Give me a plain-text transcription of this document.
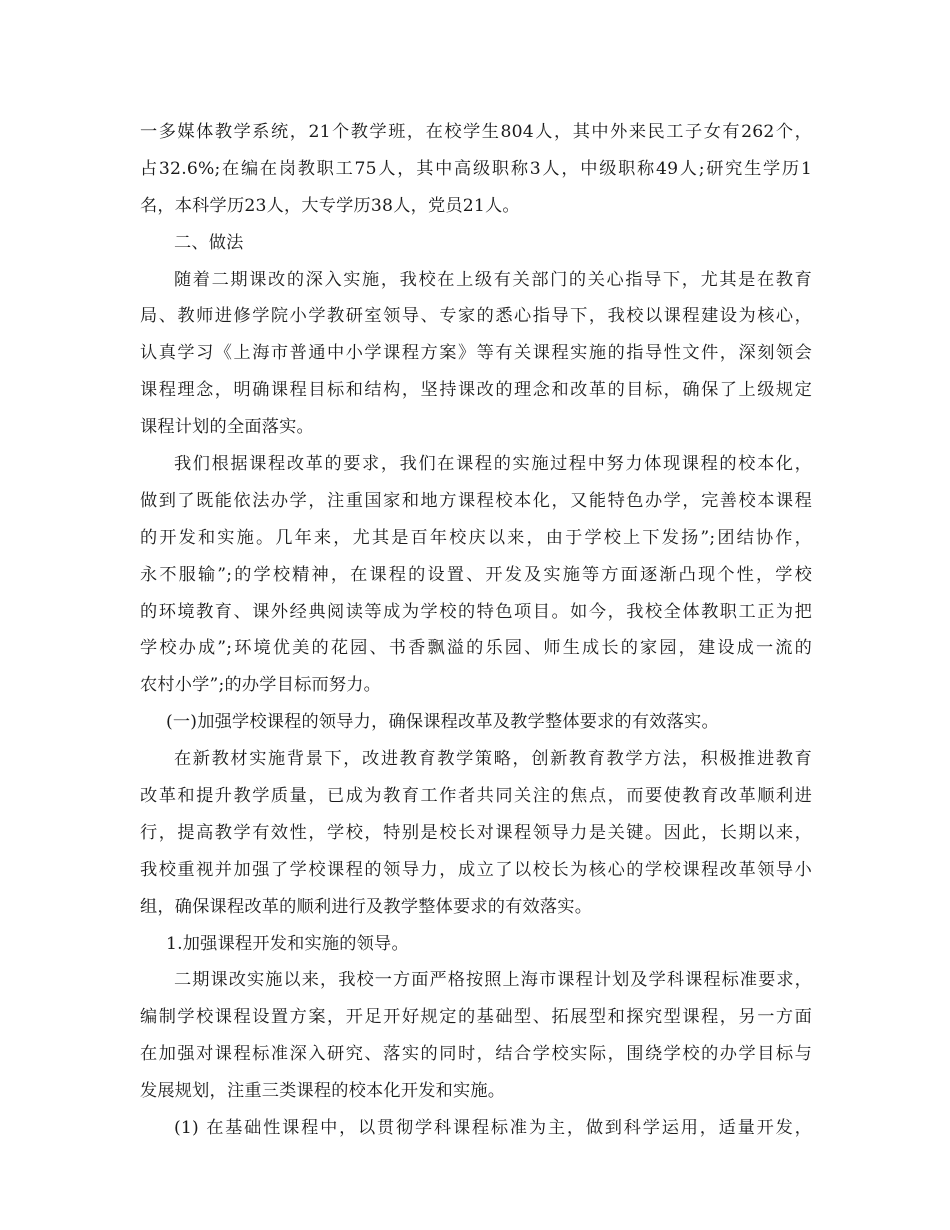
一多媒体教学系统，21个教学班，在校学生804人，其中外来民工子女有262个，
占32.6%;在编在岗教职工75人，其中高级职称3人，中级职称49人;研究生学历1
名，本科学历23人，大专学历38人，党员21人。
二、做法
随着二期课改的深入实施，我校在上级有关部门的关心指导下，尤其是在教育
局、教师进修学院小学教研室领导、专家的悉心指导下，我校以课程建设为核心，
认真学习《上海市普通中小学课程方案》等有关课程实施的指导性文件，深刻领会
课程理念，明确课程目标和结构，坚持课改的理念和改革的目标，确保了上级规定
课程计划的全面落实。
我们根据课程改革的要求，我们在课程的实施过程中努力体现课程的校本化，
做到了既能依法办学，注重国家和地方课程校本化，又能特色办学，完善校本课程
的开发和实施。几年来，尤其是百年校庆以来，由于学校上下发扬”;团结协作，
永不服输”;的学校精神，在课程的设置、开发及实施等方面逐渐凸现个性，学校
的环境教育、课外经典阅读等成为学校的特色项目。如今，我校全体教职工正为把
学校办成”;环境优美的花园、书香飘溢的乐园、师生成长的家园，建设成一流的
农村小学”;的办学目标而努力。
(一)加强学校课程的领导力，确保课程改革及教学整体要求的有效落实。
在新教材实施背景下，改进教育教学策略，创新教育教学方法，积极推进教育
改革和提升教学质量，已成为教育工作者共同关注的焦点，而要使教育改革顺利进
行，提高教学有效性，学校，特别是校长对课程领导力是关键。因此，长期以来，
我校重视并加强了学校课程的领导力，成立了以校长为核心的学校课程改革领导小
组，确保课程改革的顺利进行及教学整体要求的有效落实。
1.加强课程开发和实施的领导。
二期课改实施以来，我校一方面严格按照上海市课程计划及学科课程标准要求，
编制学校课程设置方案，开足开好规定的基础型、拓展型和探究型课程，另一方面
在加强对课程标准深入研究、落实的同时，结合学校实际，围绕学校的办学目标与
发展规划，注重三类课程的校本化开发和实施。
(1) 在基础性课程中，以贯彻学科课程标准为主，做到科学运用，适量开发，
